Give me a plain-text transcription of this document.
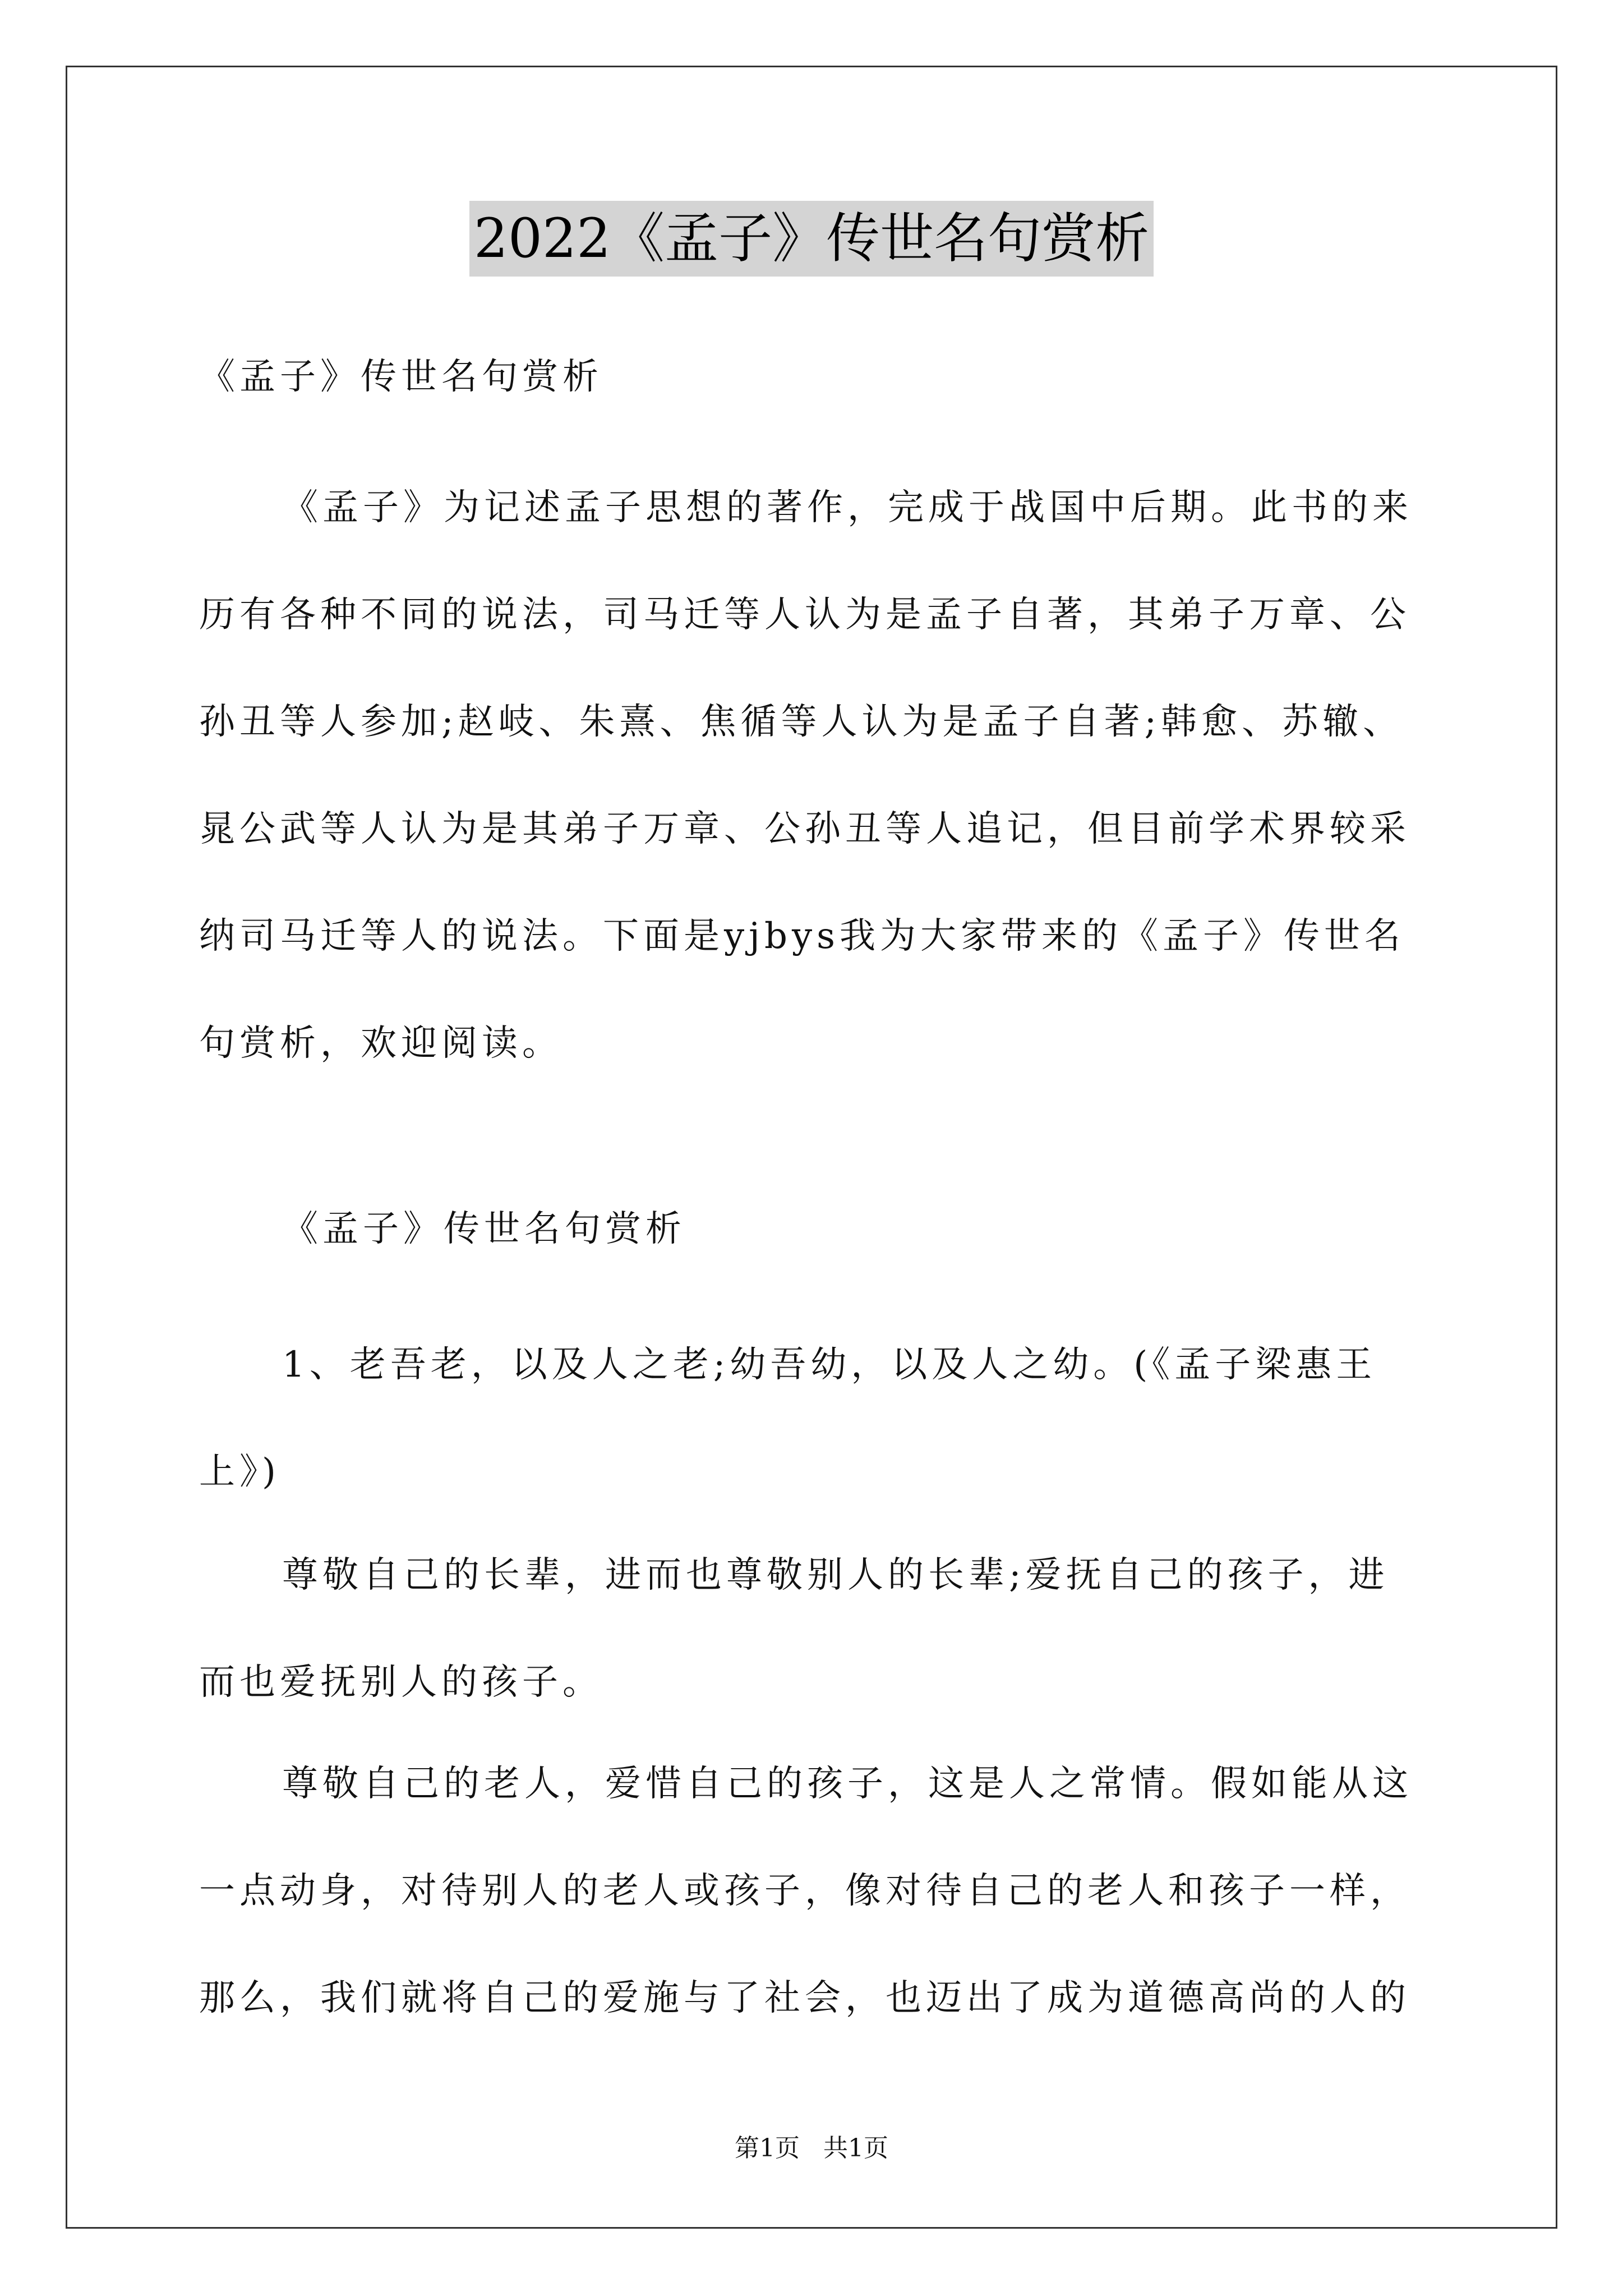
2022《孟子》传世名句赏析
《孟子》传世名句赏析
《孟子》为记述孟子思想的著作，完成于战国中后期。此书的来历有各种不同的说法，司马迁等人认为是孟子自著，其弟子万章、公孙丑等人参加;赵岐、朱熹、焦循等人认为是孟子自著;韩愈、苏辙、晁公武等人认为是其弟子万章、公孙丑等人追记，但目前学术界较采纳司马迁等人的说法。下面是yjbys我为大家带来的《孟子》传世名句赏析，欢迎阅读。
《孟子》传世名句赏析
1、老吾老，以及人之老;幼吾幼，以及人之幼。(《孟子梁惠王上》)
尊敬自己的长辈，进而也尊敬别人的长辈;爱抚自己的孩子，进而也爱抚别人的孩子。
尊敬自己的老人，爱惜自己的孩子，这是人之常情。假如能从这一点动身，对待别人的老人或孩子，像对待自己的老人和孩子一样，那么，我们就将自己的爱施与了社会，也迈出了成为道德高尚的人的
第1页 共1页
